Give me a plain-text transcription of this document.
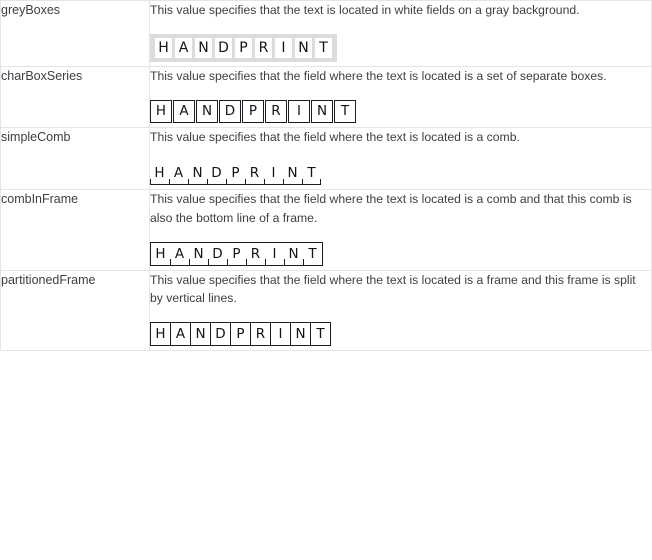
greyBoxes	This value specifies that the text is located in white fields on a gray background.

H A N D P R I N T

charBoxSeries	This value specifies that the field where the text is located is a set of separate boxes.

H A N D	P	R	I	N	T

simpleComb	This value specifies that the field where the text is located is a comb.

H A N D P R I N T

combInFrame	This value specifies that the field where the text is located is a comb and that this comb is also the bottom line of a frame.

H A N D P R I N T

partitionedFrame	This value specifies that the field where the text is located is a frame and this frame is split by vertical lines.

H A N D P R I N T
